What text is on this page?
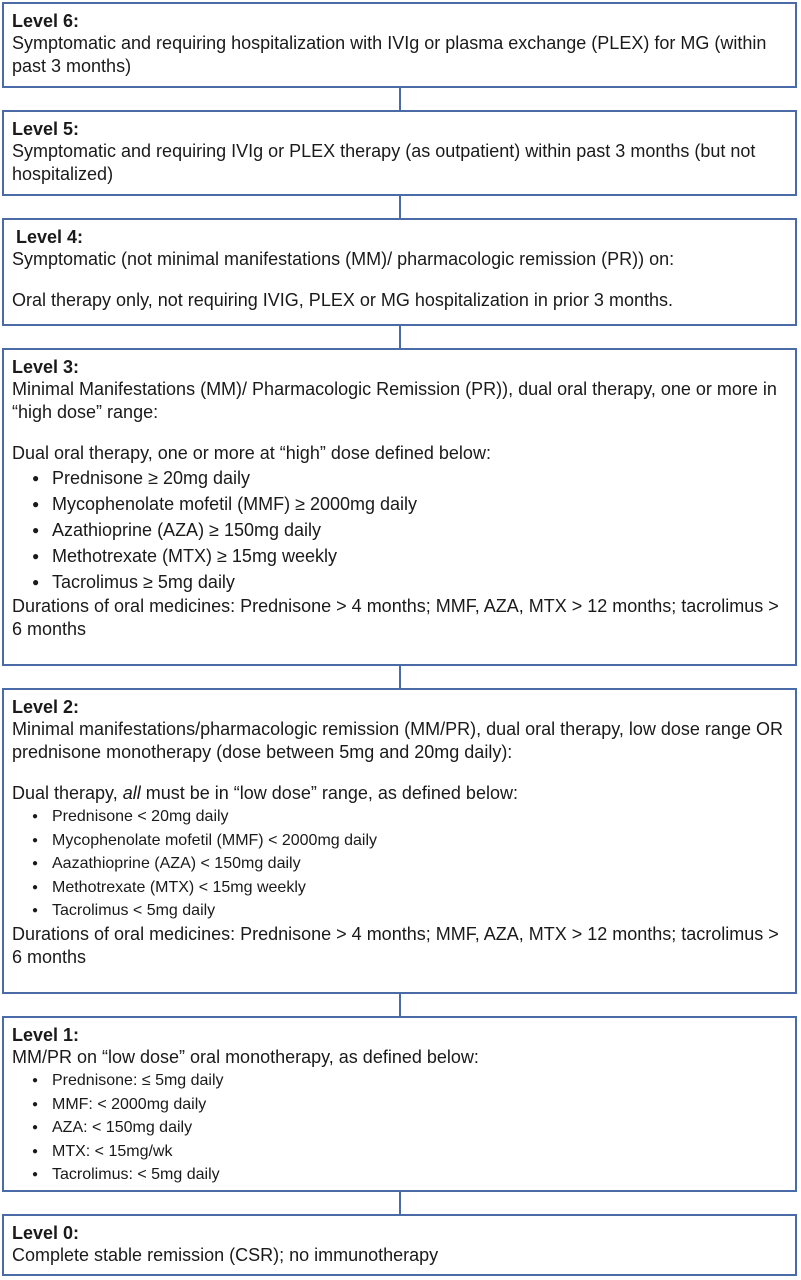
Level 6:
Symptomatic and requiring hospitalization with IVIg or plasma exchange (PLEX) for MG (within past 3 months)
Level 5:
Symptomatic and requiring IVIg or PLEX therapy (as outpatient) within past 3 months (but not hospitalized)
Level 4:
Symptomatic (not minimal manifestations (MM)/ pharmacologic remission (PR)) on:
Oral therapy only, not requiring IVIG, PLEX or MG hospitalization in prior 3 months.
Level 3:
Minimal Manifestations (MM)/ Pharmacologic Remission (PR)), dual oral therapy, one or more in “high dose” range:
Dual oral therapy, one or more at “high” dose defined below:
● Prednisone ≥ 20mg daily
● Mycophenolate mofetil (MMF) ≥ 2000mg daily
● Azathioprine (AZA) ≥ 150mg daily
● Methotrexate (MTX) ≥ 15mg weekly
● Tacrolimus ≥ 5mg daily
Durations of oral medicines: Prednisone > 4 months; MMF, AZA, MTX > 12 months; tacrolimus > 6 months
Level 2:
Minimal manifestations/pharmacologic remission (MM/PR), dual oral therapy, low dose range OR prednisone monotherapy (dose between 5mg and 20mg daily):
Dual therapy, all must be in “low dose” range, as defined below:
● Prednisone < 20mg daily
● Mycophenolate mofetil (MMF) < 2000mg daily
● Aazathioprine (AZA) < 150mg daily
● Methotrexate (MTX) < 15mg weekly
● Tacrolimus < 5mg daily
Durations of oral medicines: Prednisone > 4 months; MMF, AZA, MTX > 12 months; tacrolimus > 6 months
Level 1:
MM/PR on “low dose” oral monotherapy, as defined below:
● Prednisone: ≤ 5mg daily
● MMF: < 2000mg daily
● AZA: < 150mg daily
● MTX: < 15mg/wk
● Tacrolimus: < 5mg daily
Level 0:
Complete stable remission (CSR); no immunotherapy
